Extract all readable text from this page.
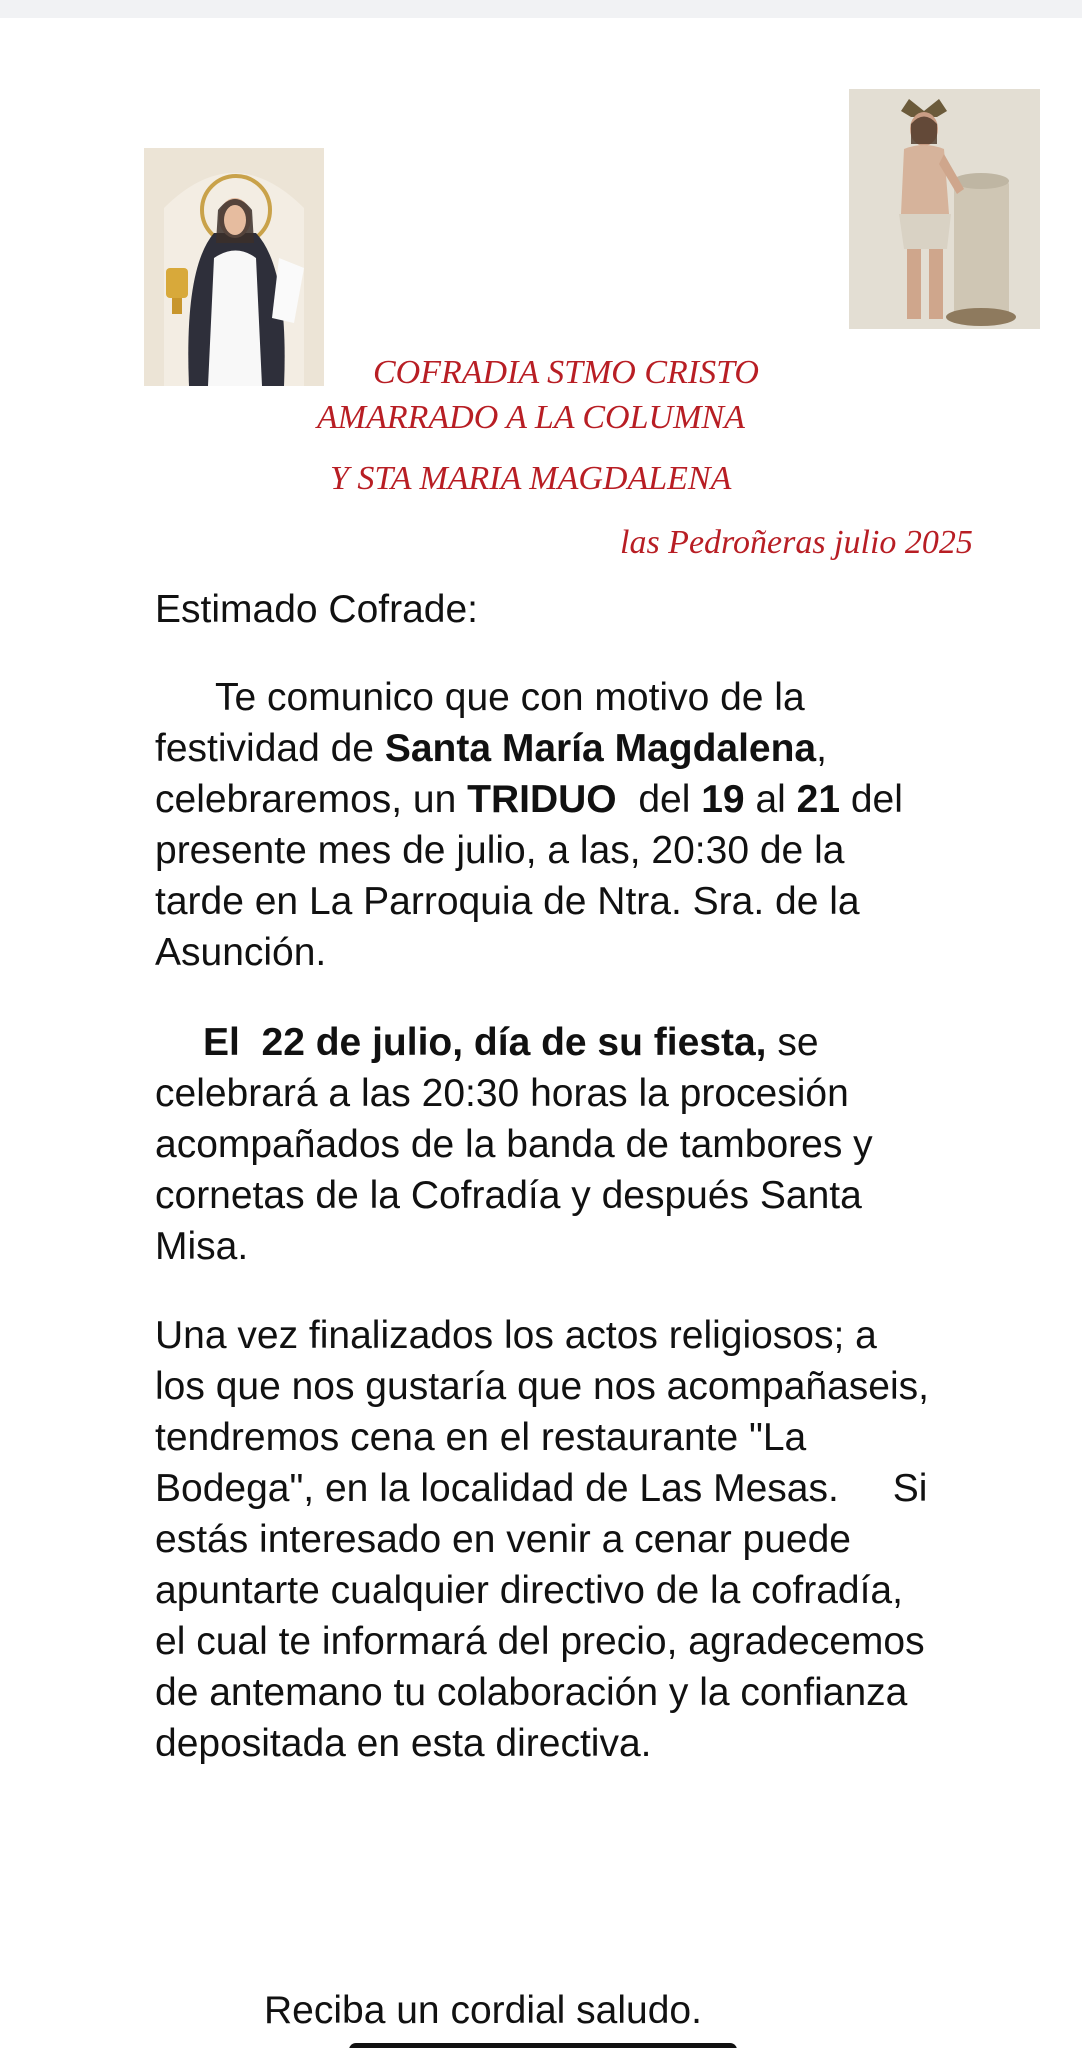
COFRADIA STMO CRISTO
AMARRADO A LA COLUMNA
Y STA MARIA MAGDALENA
las Pedroñeras julio 2025
Estimado Cofrade:
Te comunico que con motivo de la festividad de Santa María Magdalena, celebraremos, un TRIDUO  del 19 al 21 del presente mes de julio, a las, 20:30 de la tarde en La Parroquia de Ntra. Sra. de la Asunción.
El  22 de julio, día de su fiesta, se celebrará a las 20:30 horas la procesión acompañados de la banda de tambores y cornetas de la Cofradía y después Santa Misa.
Una vez finalizados los actos religiosos; a los que nos gustaría que nos acompañaseis, tendremos cena en el restaurante "La Bodega", en la localidad de Las Mesas. Si estás interesado en venir a cenar puede apuntarte cualquier directivo de la cofradía, el cual te informará del precio, agradecemos de antemano tu colaboración y la confianza depositada en esta directiva.
Reciba un cordial saludo.
